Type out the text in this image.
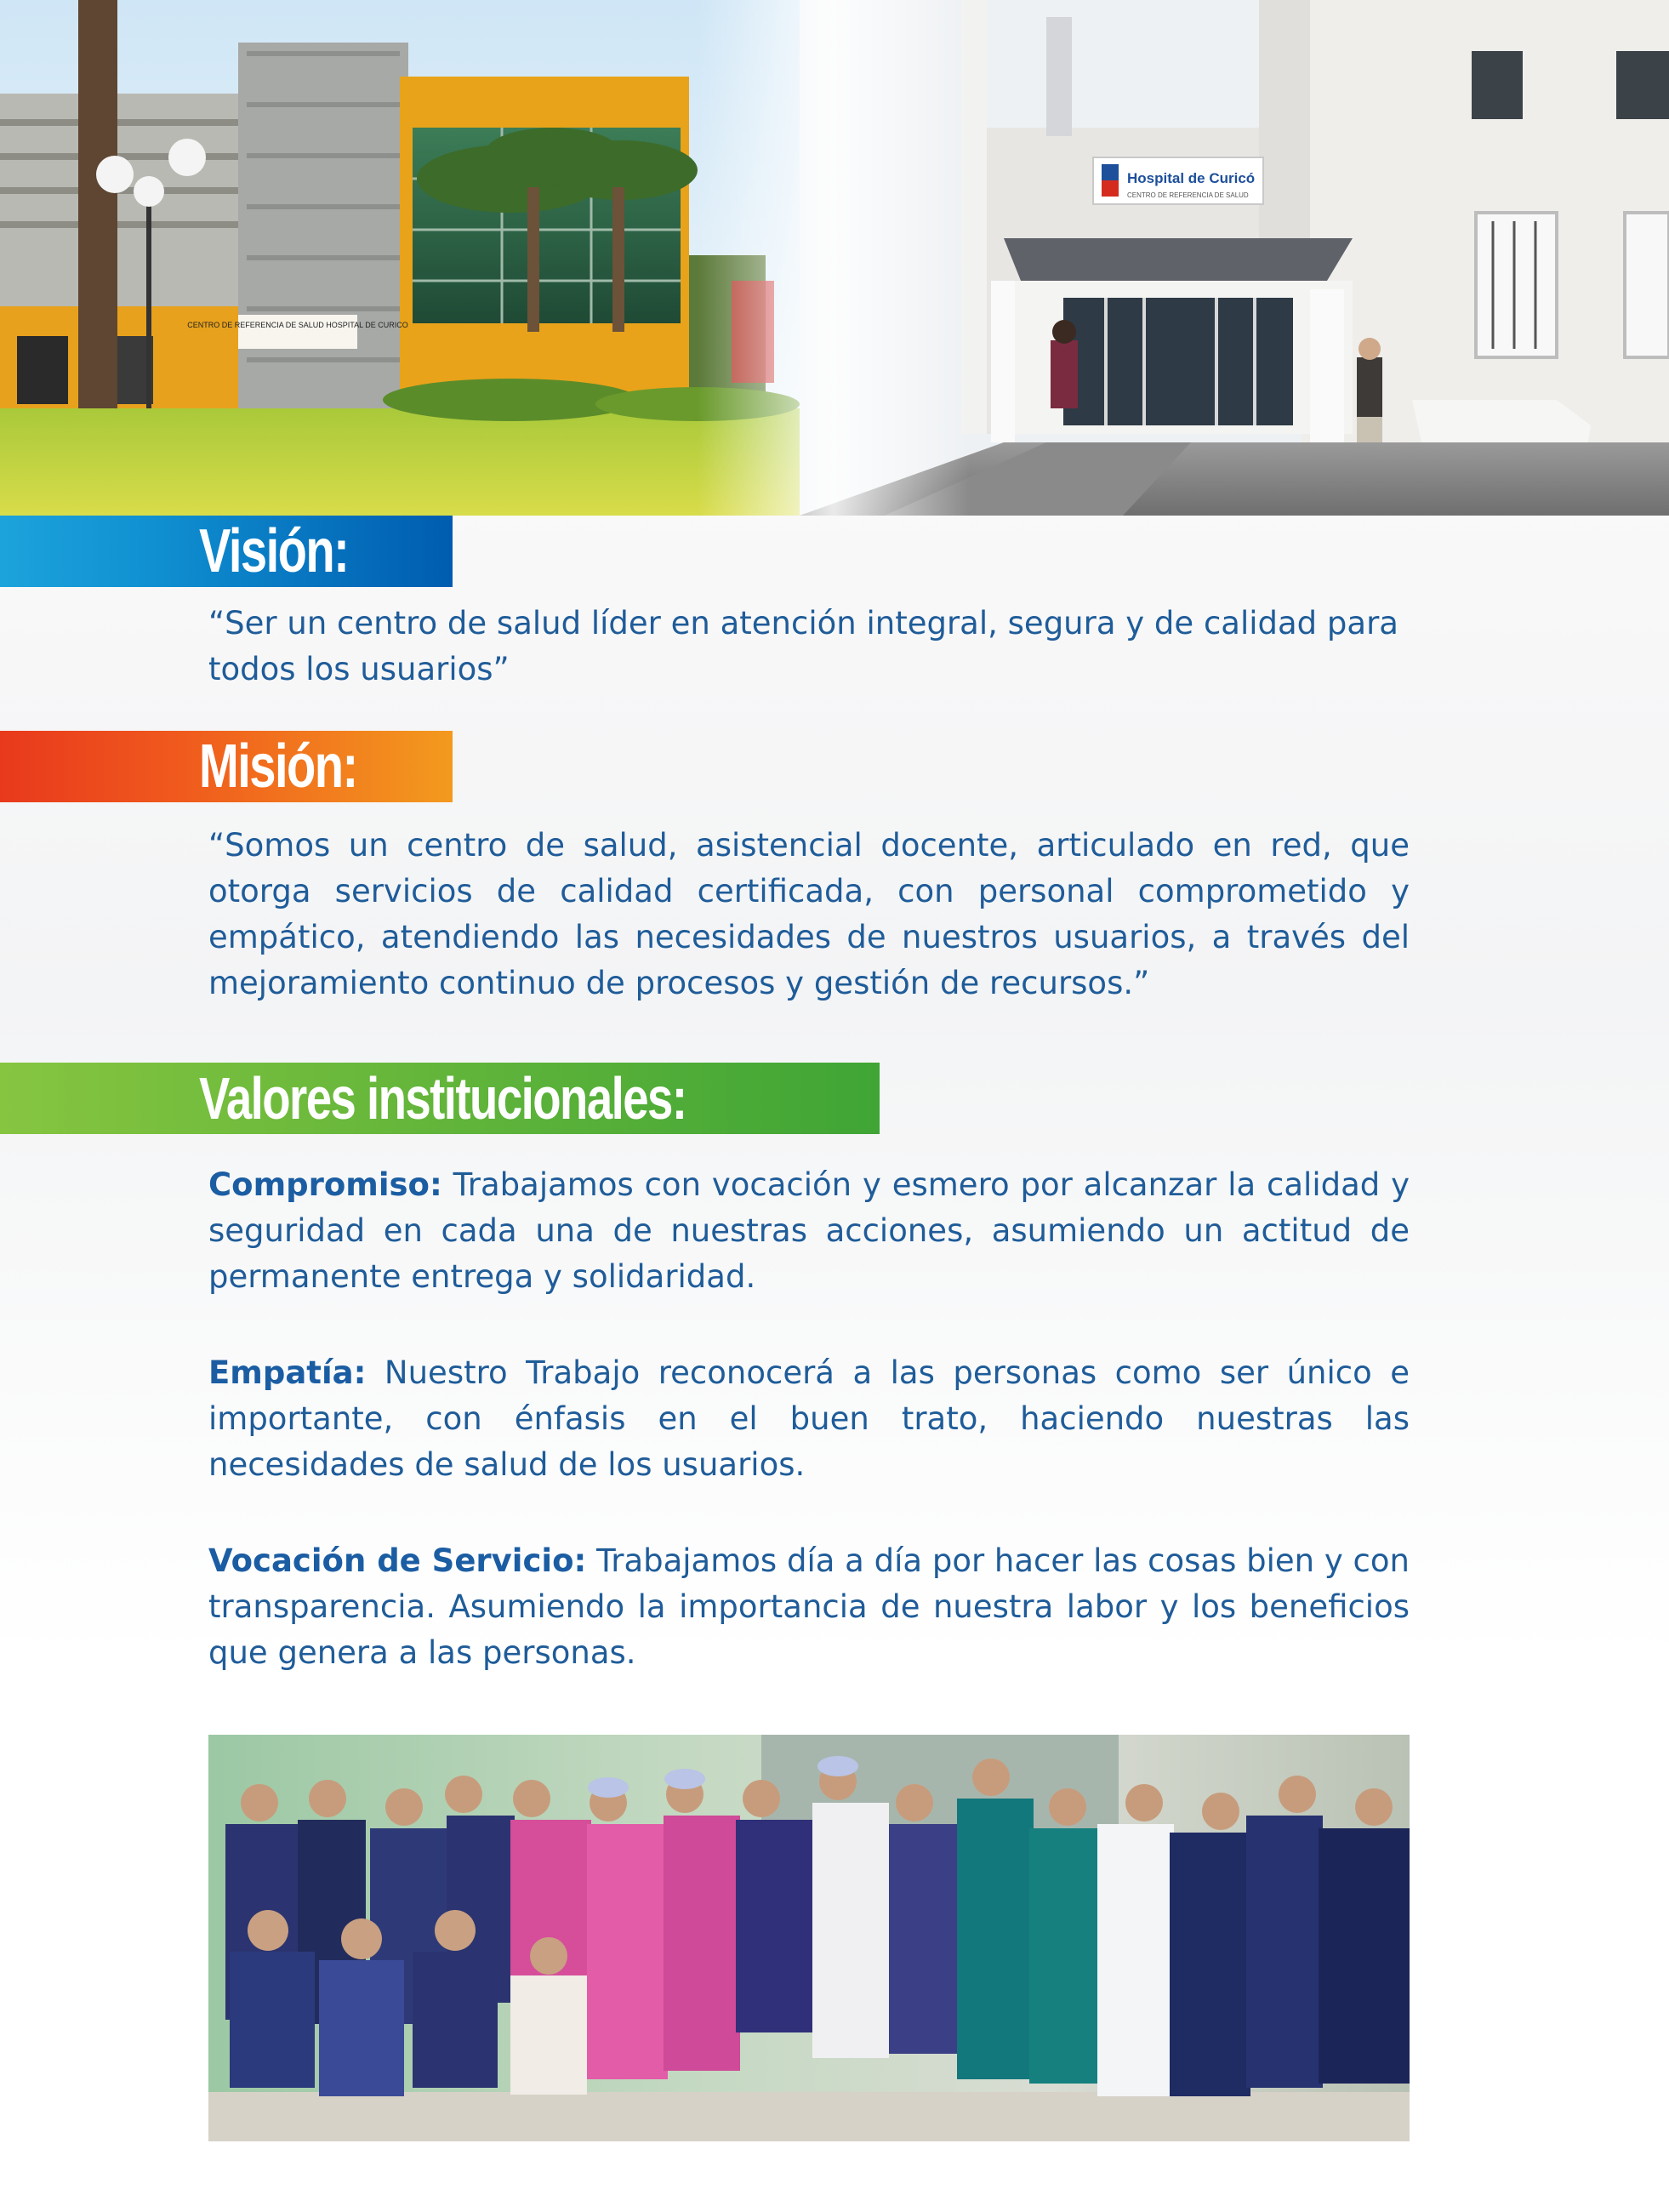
CENTRO DE REFERENCIA DE SALUD HOSPITAL DE CURICO
Hospital de Curicó
CENTRO DE REFERENCIA DE SALUD
Visión:

“Ser un centro de salud líder en atención integral, segura y de calidad para todos los usuarios”

Misión:

“Somos un centro de salud, asistencial docente, articulado en red, que otorga servicios de calidad certificada, con personal comprometido y empático, atendiendo las necesidades de nuestros usuarios, a través del mejoramiento continuo de procesos y gestión de recursos.”

Valores institucionales:

Compromiso: Trabajamos con vocación y esmero por alcanzar la calidad y seguridad en cada una de nuestras acciones, asumiendo un actitud de permanente entrega y solidaridad.

Empatía: Nuestro Trabajo reconocerá a las personas como ser único e importante, con énfasis en el buen trato, haciendo nuestras las necesidades de salud de los usuarios.

Vocación de Servicio: Trabajamos día a día por hacer las cosas bien y con transparencia. Asumiendo la importancia de nuestra labor y los beneficios que genera a las personas.
